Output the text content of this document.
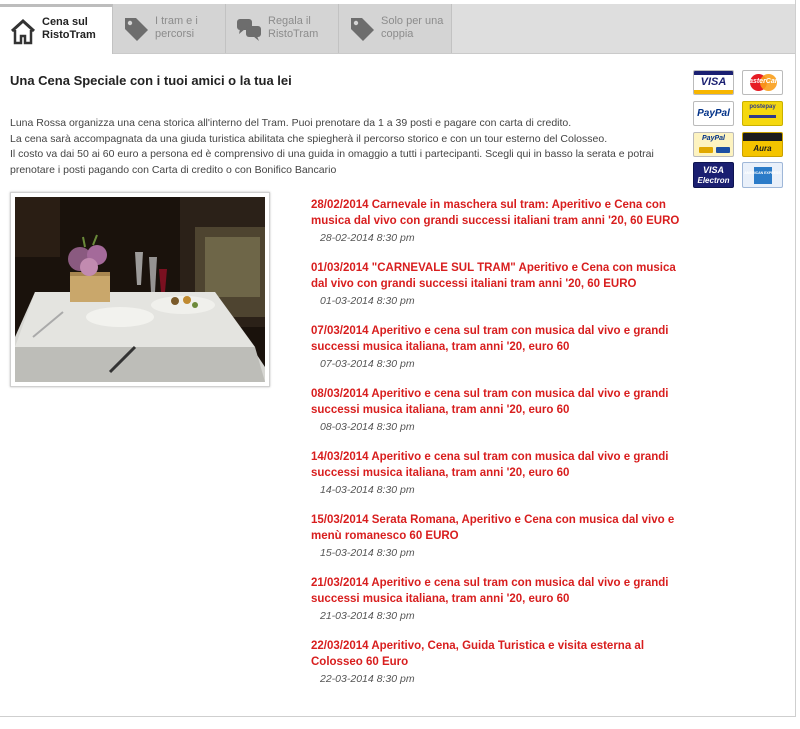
Cena sul
RistoTram
I tram e i
percorsi
Regala il
RistoTram
Solo per una
coppia
Una Cena Speciale con i tuoi amici o la tua lei

Luna Rossa organizza una cena storica all'interno del Tram. Puoi prenotare da 1 a 39 posti e pagare con carta di credito.

La cena sarà accompagnata da una giuda turistica abilitata che spiegherà il percorso storico e con un tour esterno del Colosseo.

Il costo va dai 50 ai 60 euro a persona ed è comprensivo di una guida in omaggio a tutti i partecipanti. Scegli qui in basso la serata e potrai prenotare i posti pagando con Carta di credito o con Bonifico Bancario

VISA	MasterCard
PayPal
postepay
PayPal
Aura
VISA
Electron
AMERICAN EXPRESS
28/02/2014 Carnevale in maschera sul tram: Aperitivo e Cena con musica dal vivo con grandi successi italiani tram anni '20, 60 EURO
28-02-2014 8:30 pm
01/03/2014 "CARNEVALE SUL TRAM" Aperitivo e Cena con musica dal vivo con grandi successi italiani tram anni '20, 60 EURO
01-03-2014 8:30 pm
07/03/2014 Aperitivo e cena sul tram con musica dal vivo e grandi successi musica italiana, tram anni '20, euro 60
07-03-2014 8:30 pm
08/03/2014 Aperitivo e cena sul tram con musica dal vivo e grandi successi musica italiana, tram anni '20, euro 60
08-03-2014 8:30 pm
14/03/2014 Aperitivo e cena sul tram con musica dal vivo e grandi successi musica italiana, tram anni '20, euro 60
14-03-2014 8:30 pm
15/03/2014 Serata Romana, Aperitivo e Cena con musica dal vivo e menù romanesco 60 EURO
15-03-2014 8:30 pm
21/03/2014 Aperitivo e cena sul tram con musica dal vivo e grandi successi musica italiana, tram anni '20, euro 60
21-03-2014 8:30 pm
22/03/2014 Aperitivo, Cena, Guida Turistica e visita esterna al Colosseo 60 Euro
22-03-2014 8:30 pm
